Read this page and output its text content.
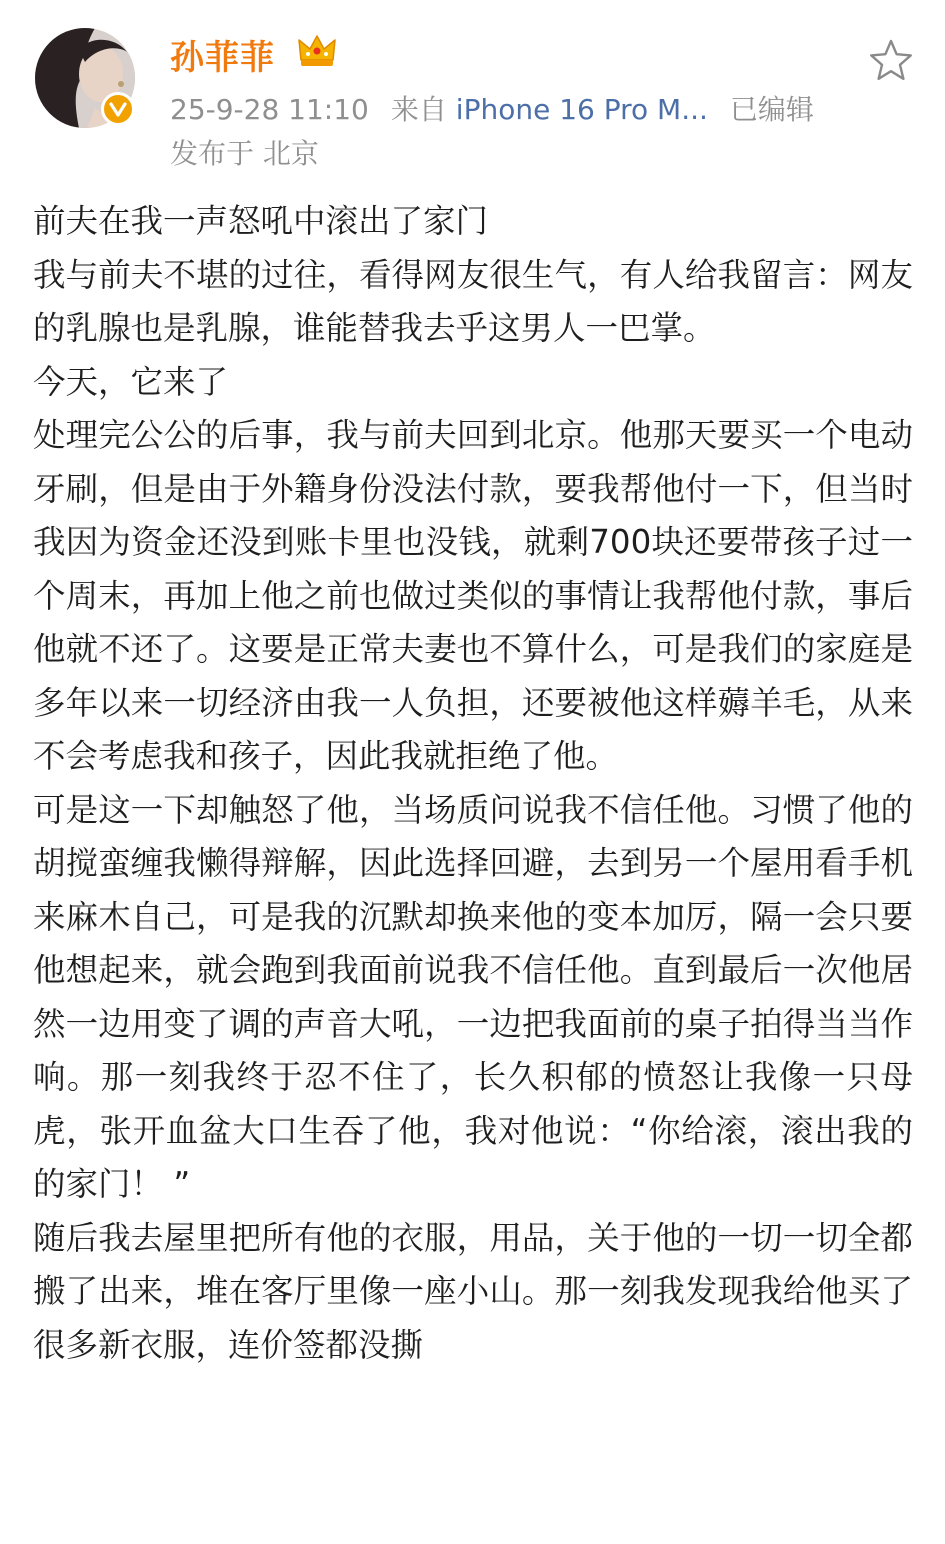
孙菲菲
25-9-28 11:10 来自 iPhone 16 Pro M... 已编辑
发布于 北京

前夫在我一声怒吼中滚出了家门

我与前夫不堪的过往，看得网友很生气，有人给我留言：网友的乳腺也是乳腺，谁能替我去乎这男人一巴掌。

今天，它来了

处理完公公的后事，我与前夫回到北京。他那天要买一个电动牙刷，但是由于外籍身份没法付款，要我帮他付一下，但当时我因为资金还没到账卡里也没钱，就剩700块还要带孩子过一个周末，再加上他之前也做过类似的事情让我帮他付款，事后他就不还了。这要是正常夫妻也不算什么，可是我们的家庭是多年以来一切经济由我一人负担，还要被他这样薅羊毛，从来不会考虑我和孩子，因此我就拒绝了他。

可是这一下却触怒了他，当场质问说我不信任他。习惯了他的胡搅蛮缠我懒得辩解，因此选择回避，去到另一个屋用看手机来麻木自己，可是我的沉默却换来他的变本加厉，隔一会只要他想起来，就会跑到我面前说我不信任他。直到最后一次他居然一边用变了调的声音大吼，一边把我面前的桌子拍得当当作响。那一刻我终于忍不住了，长久积郁的愤怒让我像一只母虎，张开血盆大口生吞了他，我对他说：“你给滚，滚出我的的家门！ ”

随后我去屋里把所有他的衣服，用品，关于他的一切一切全都搬了出来，堆在客厅里像一座小山。那一刻我发现我给他买了很多新衣服，连价签都没撕
